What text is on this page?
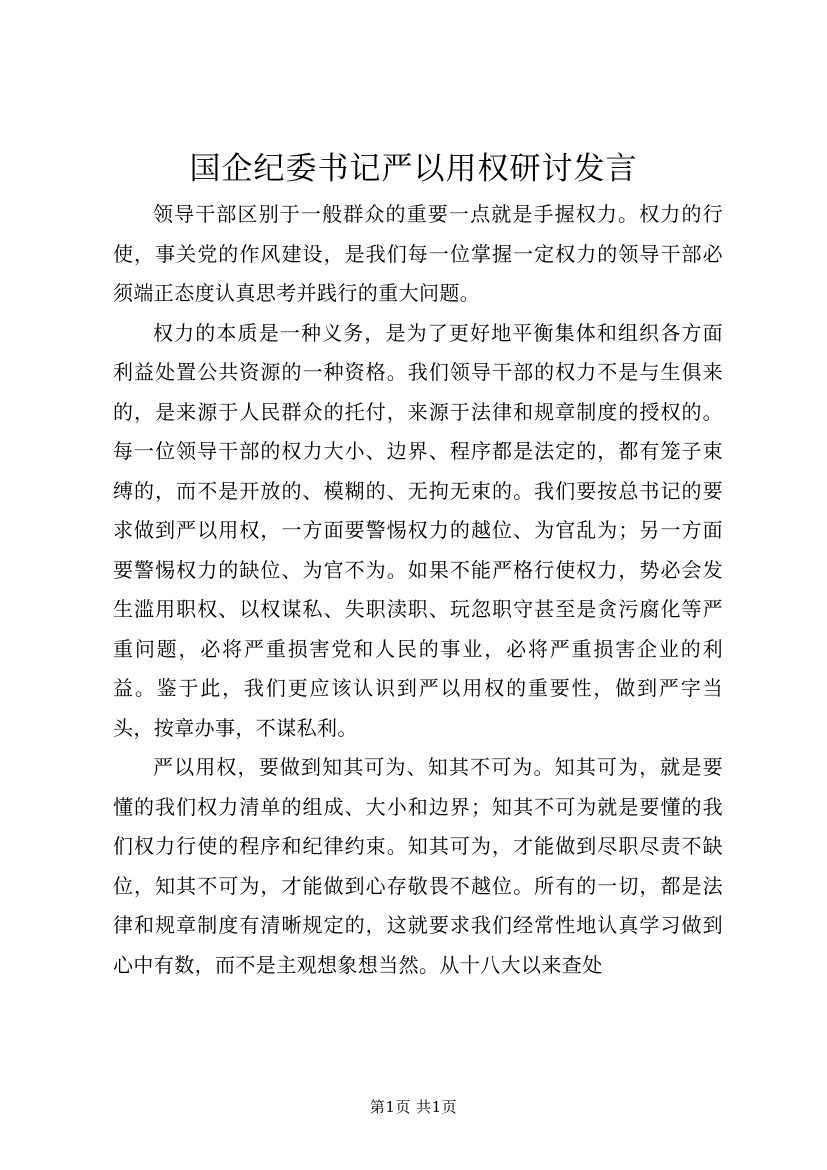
国企纪委书记严以用权研讨发言

领导干部区别于一般群众的重要一点就是手握权力。权力的行使，事关党的作风建设，是我们每一位掌握一定权力的领导干部必须端正态度认真思考并践行的重大问题。

权力的本质是一种义务，是为了更好地平衡集体和组织各方面利益处置公共资源的一种资格。我们领导干部的权力不是与生俱来的，是来源于人民群众的托付，来源于法律和规章制度的授权的。每一位领导干部的权力大小、边界、程序都是法定的，都有笼子束缚的，而不是开放的、模糊的、无拘无束的。我们要按总书记的要求做到严以用权，一方面要警惕权力的越位、为官乱为；另一方面要警惕权力的缺位、为官不为。如果不能严格行使权力，势必会发生滥用职权、以权谋私、失职渎职、玩忽职守甚至是贪污腐化等严重问题，必将严重损害党和人民的事业，必将严重损害企业的利益。鉴于此，我们更应该认识到严以用权的重要性，做到严字当头，按章办事，不谋私利。

严以用权，要做到知其可为、知其不可为。知其可为，就是要懂的我们权力清单的组成、大小和边界；知其不可为就是要懂的我们权力行使的程序和纪律约束。知其可为，才能做到尽职尽责不缺位，知其不可为，才能做到心存敬畏不越位。所有的一切，都是法律和规章制度有清晰规定的，这就要求我们经常性地认真学习做到心中有数，而不是主观想象想当然。从十八大以来查处

第1页 共1页
